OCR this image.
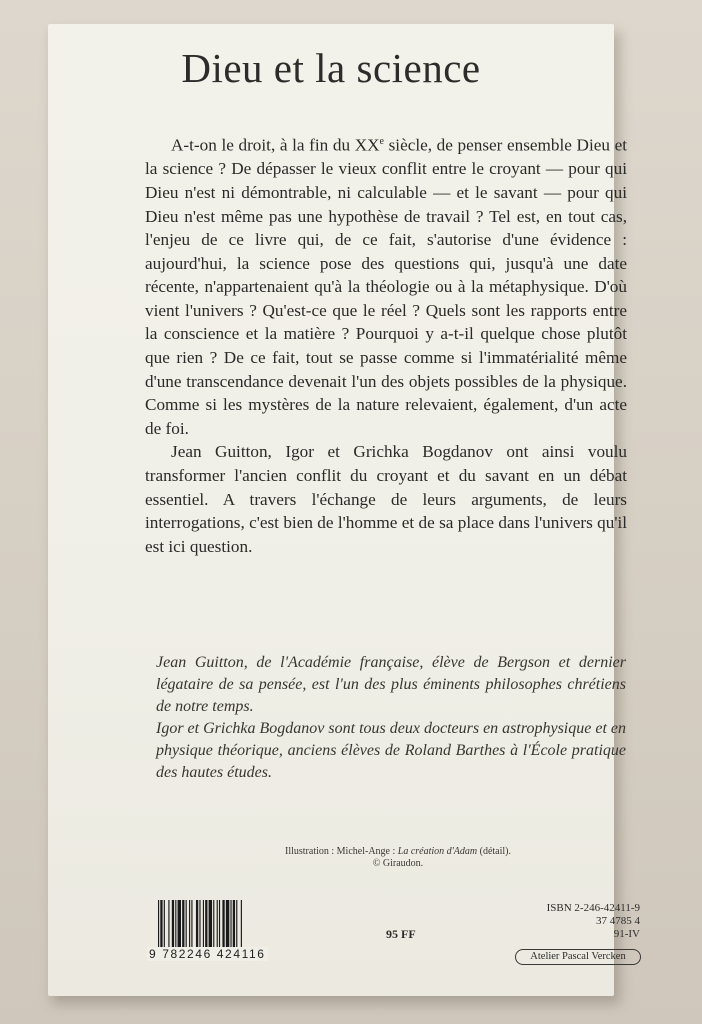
Dieu et la science

A-t-on le droit, à la fin du XXe siècle, de penser ensemble Dieu et la science ? De dépasser le vieux conflit entre le croyant — pour qui Dieu n'est ni démontrable, ni calculable — et le savant — pour qui Dieu n'est même pas une hypothèse de travail ? Tel est, en tout cas, l'enjeu de ce livre qui, de ce fait, s'autorise d'une évidence : aujourd'hui, la science pose des questions qui, jusqu'à une date récente, n'appartenaient qu'à la théologie ou à la métaphysique. D'où vient l'univers ? Qu'est-ce que le réel ? Quels sont les rapports entre la conscience et la matière ? Pourquoi y a-t-il quelque chose plutôt que rien ? De ce fait, tout se passe comme si l'immatérialité même d'une transcendance devenait l'un des objets possibles de la physique. Comme si les mystères de la nature relevaient, également, d'un acte de foi.

Jean Guitton, Igor et Grichka Bogdanov ont ainsi voulu transformer l'ancien conflit du croyant et du savant en un débat essentiel. A travers l'échange de leurs arguments, de leurs interrogations, c'est bien de l'homme et de sa place dans l'univers qu'il est ici question.

Jean Guitton, de l'Académie française, élève de Bergson et dernier légataire de sa pensée, est l'un des plus éminents philosophes chrétiens de notre temps.

Igor et Grichka Bogdanov sont tous deux docteurs en astrophysique et en physique théorique, anciens élèves de Roland Barthes à l'École pratique des hautes études.

Illustration : Michel-Ange : La création d'Adam (détail).
© Giraudon.
9 782246 424116
95 FF
ISBN 2-246-42411-9
37 4785 4
91-IV
Atelier Pascal Vercken
